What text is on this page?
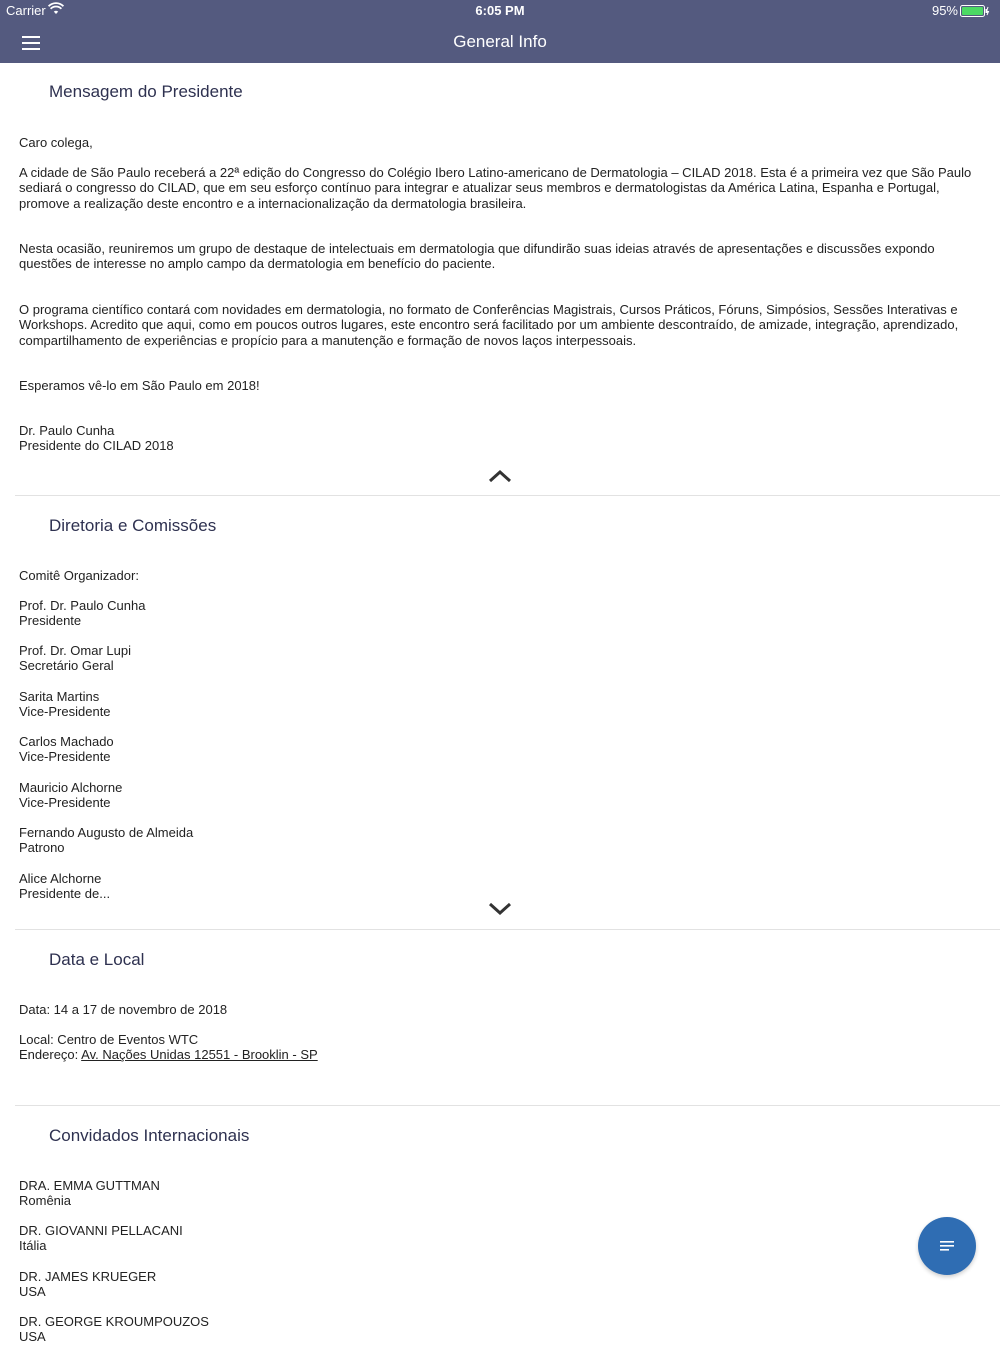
Carrier	6:05 PM	95%
General Info
Mensagem do Presidente
Caro colega,
A cidade de São Paulo receberá a 22ª edição do Congresso do Colégio Ibero Latino-americano de Dermatologia – CILAD 2018. Esta é a primeira vez que São Paulo sediará o congresso do CILAD, que em seu esforço contínuo para integrar e atualizar seus membros e dermatologistas da América Latina, Espanha e Portugal, promove a realização deste encontro e a internacionalização da dermatologia brasileira.
Nesta ocasião, reuniremos um grupo de destaque de intelectuais em dermatologia que difundirão suas ideias através de apresentações e discussões expondo questões de interesse no amplo campo da dermatologia em benefício do paciente.
O programa científico contará com novidades em dermatologia, no formato de Conferências Magistrais, Cursos Práticos, Fóruns, Simpósios, Sessões Interativas e Workshops. Acredito que aqui, como em poucos outros lugares, este encontro será facilitado por um ambiente descontraído, de amizade, integração, aprendizado, compartilhamento de experiências e propício para a manutenção e formação de novos laços interpessoais.
Esperamos vê-lo em São Paulo em 2018!
Dr. Paulo Cunha
Presidente do CILAD 2018
Diretoria e Comissões
Comitê Organizador:
Prof. Dr. Paulo Cunha
Presidente
Prof. Dr. Omar Lupi
Secretário Geral
Sarita Martins
Vice-Presidente
Carlos Machado
Vice-Presidente
Mauricio Alchorne
Vice-Presidente
Fernando Augusto de Almeida
Patrono
Alice Alchorne
Presidente de...
Data e Local
Data: 14 a 17 de novembro de 2018
Local: Centro de Eventos WTC
Endereço: Av. Nações Unidas 12551 - Brooklin - SP
Convidados Internacionais
DRA. EMMA GUTTMAN
Romênia
DR. GIOVANNI PELLACANI
Itália
DR. JAMES KRUEGER
USA
DR. GEORGE KROUMPOUZOS
USA
